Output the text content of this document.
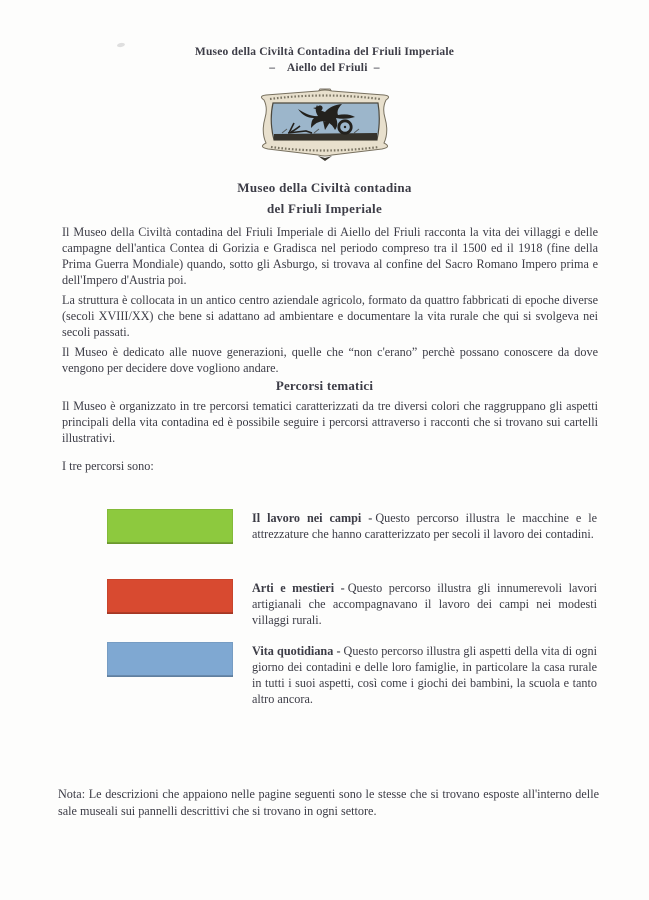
Museo della Civiltà Contadina del Friuli Imperiale
–    Aiello del Friuli  –
Museo della Civiltà contadina
del Friuli Imperiale

Il Museo della Civiltà contadina del Friuli Imperiale di Aiello del Friuli racconta la vita dei villaggi e delle campagne dell'antica Contea di Gorizia e Gradisca nel periodo compreso tra il 1500 ed il 1918 (fine della Prima Guerra Mondiale) quando, sotto gli Asburgo, si trovava al confine del Sacro Romano Impero prima e dell'Impero d'Austria poi.

La struttura è collocata in un antico centro aziendale agricolo, formato da quattro fabbricati di epoche diverse (secoli XVIII/XX) che bene si adattano ad ambientare e documentare la vita rurale che qui si svolgeva nei secoli passati.

Il Museo è dedicato alle nuove generazioni, quelle che “non c'erano” perchè possano conoscere da dove vengono per decidere dove vogliono andare.

Percorsi tematici
Il Museo è organizzato in tre percorsi tematici caratterizzati da tre diversi colori che raggruppano gli aspetti principali della vita contadina ed è possibile seguire i percorsi attraverso i racconti che si trovano sui cartelli illustrativi.
I tre percorsi sono:
Il lavoro nei campi - Questo percorso illustra le macchine e le attrezzature che hanno caratterizzato per secoli il lavoro dei contadini.
Arti e mestieri - Questo percorso illustra gli innumerevoli lavori artigianali che accompagnavano il lavoro dei campi nei modesti villaggi rurali.
Vita quotidiana - Questo percorso illustra gli aspetti della vita di ogni giorno dei contadini e delle loro famiglie, in particolare la casa rurale in tutti i suoi aspetti, così come i giochi dei bambini, la scuola e tanto altro ancora.
Nota: Le descrizioni che appaiono nelle pagine seguenti sono le stesse che si trovano esposte all'interno delle sale museali sui pannelli descrittivi che si trovano in ogni settore.
